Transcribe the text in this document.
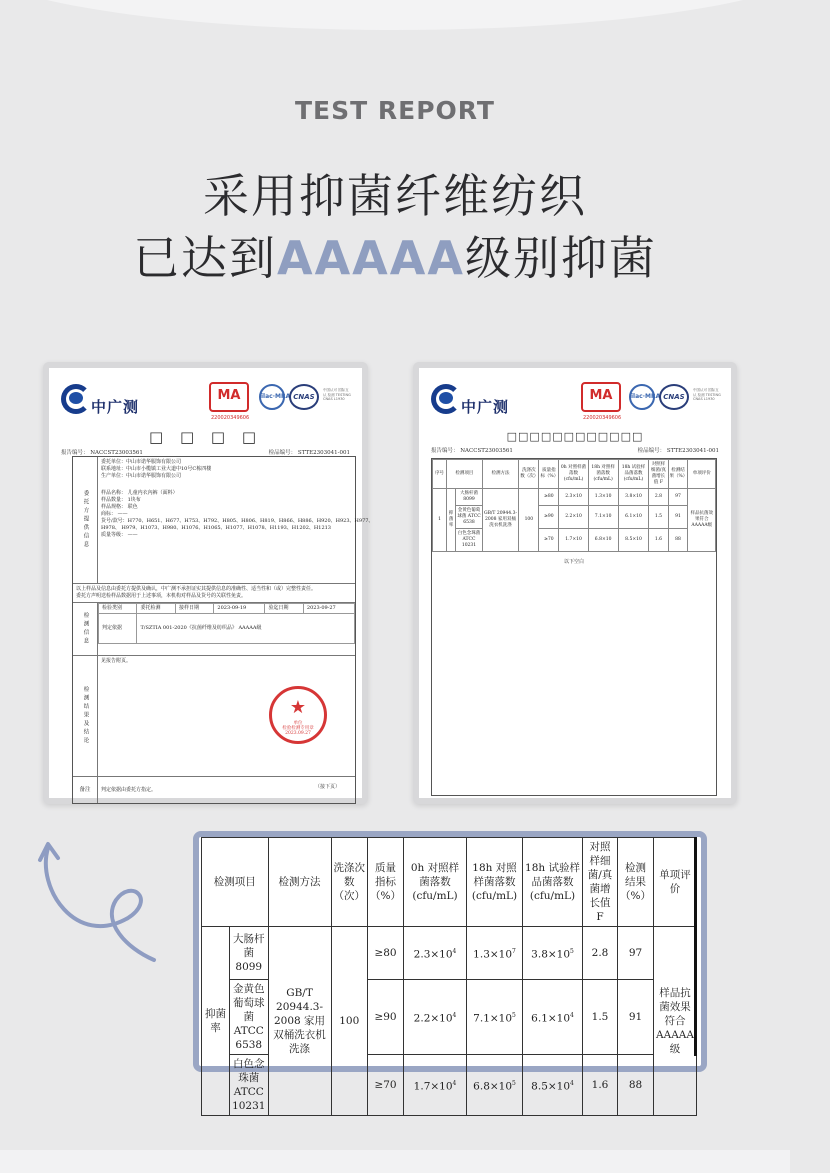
TEST REPORT
采用抑菌纤维纺织
已达到AAAAA级别抑菌
中广测
MA
220020349606
ilac·MRA CNAS
中国认可 国际互认 检测 TESTING CNAS L1930
□ □ □ □
报告编号： NACCST23003561	检品编号： STTE2303041-001
委托方提供信息

委托单位：中山市诺华服饰有限公司

联系地址：中山市小榄镇工业大道中10号C栋四楼

生产单位：中山市诺华服饰有限公司

样品名称： 儿童内衣內裤（面料）

样品数量： 1块布

样品规格： 联色

商标： ——

货号/款号：H770、H651、H677、H753、H792、H805、H806、H819、H866、H886、H920、H923、H977、

H978、 H979、H1073、H980、H1076、H1065、H1077、H1078、H1193、H1202、H1213

质量等级： ——

以上样品及信息由委托方提供及确认，中广测不承担证实其提供信息的准确性、适当性和（或）完整性责任。
委托方声明送检样品数据用于上述事项，本机构对样品及货号的关联性免责。
检测信息
检验类别	委托检测	接样日期	2023-09-19	验迄日期	2023-09-27
判定依据	T/SZTIA 001-2020《抗菌纤维及纺织品》 AAAAA级				
检测结果及结论
见报告附页。
★
单位
检验检测专用章
2023.09.27
备注	判定依据由委托方指定。	（接下页）
中广测
MA
220020349606
ilac·MRA CNAS
中国认可 国际互认 检测 TESTING CNAS L1930
□□□□□□□□□□□□
报告编号： NACCST23003561	检品编号： STTE2303041-001
序号	检测项目		检测方法	洗涤次数（次）	质量指标（%）	0h 对照样菌落数(cfu/mL)	18h 对照样菌落数(cfu/mL)	18h 试验样品菌落数(cfu/mL)	对照样细菌/真菌增长值 F	检测结果（%）	单项评价
1	抑菌率	大肠杆菌 8099	GB/T 20944.3-2008 家用双桶洗衣机洗涤	100	≥80	2.3×10	1.3×10	3.8×10	2.8	97	样品抗菌效果符合AAAAA级
		金黄色葡萄球菌 ATCC 6538			≥90	2.2×10	7.1×10	6.1×10	1.5	91	
		白色念珠菌 ATCC 10231			≥70	1.7×10	6.8×10	8.5×10	1.6	88	
以下空白
检测项目		检测方法	洗涤次数（次）	质量指标（%）	0h 对照样菌落数(cfu/mL)	18h 对照样菌落数(cfu/mL)	18h 试验样品菌落数(cfu/mL)	对照样细菌/真菌增长值 F	检测结果（%）	单项评价
抑菌率	大肠杆菌 8099	GB/T 20944.3-2008 家用双桶洗衣机洗涤	100	≥80	$2.3\times 10^4$	$1.3\times 10^7$	$3.8\times 10^5$	2.8	97	样品抗菌效果符合AAAAA级
	金黄色葡萄球菌 ATCC 6538			≥90	$2.2\times 10^4$	$7.1\times 10^5$	$6.1\times 10^4$	1.5	91	
	白色念珠菌 ATCC 10231			≥70	$1.7\times 10^4$	$6.8\times 10^5$	$8.5\times 10^4$	1.6	88	
